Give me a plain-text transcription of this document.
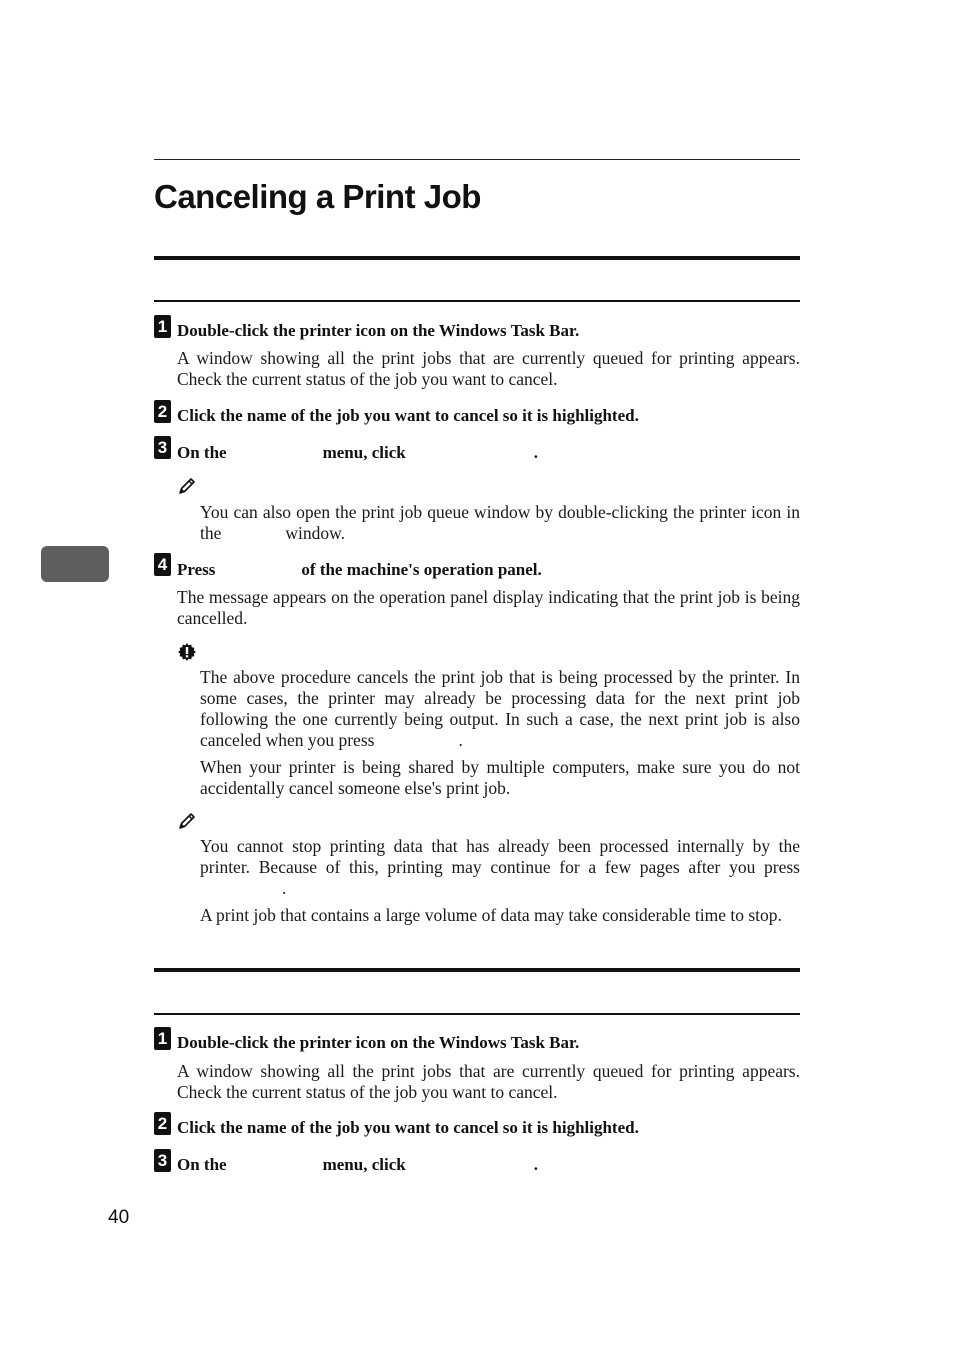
Canceling a Print Job
1 Double-click the printer icon on the Windows Task Bar.

A window showing all the print jobs that are currently queued for printing appears. Check the current status of the job you want to cancel.

2 Click the name of the job you want to cancel so it is highlighted.

3 On the	menu, click	.

You can also open the print job queue window by double-clicking the printer icon in the	window.

4 Press	of the machine's operation panel.

The message appears on the operation panel display indicating that the print job is being cancelled.

The above procedure cancels the print job that is being processed by the printer. In some cases, the printer may already be processing data for the next print job following the one currently being output. In such a case, the next print job is also canceled when you press	.

When your printer is being shared by multiple computers, make sure you do not accidentally cancel someone else's print job.

You cannot stop printing data that has already been processed internally by the printer. Because of this, printing may continue for a few pages after you press.

A print job that contains a large volume of data may take considerable time to stop.

1 Double-click the printer icon on the Windows Task Bar.

A window showing all the print jobs that are currently queued for printing appears. Check the current status of the job you want to cancel.

2 Click the name of the job you want to cancel so it is highlighted.

3 On the	menu, click	.

40
